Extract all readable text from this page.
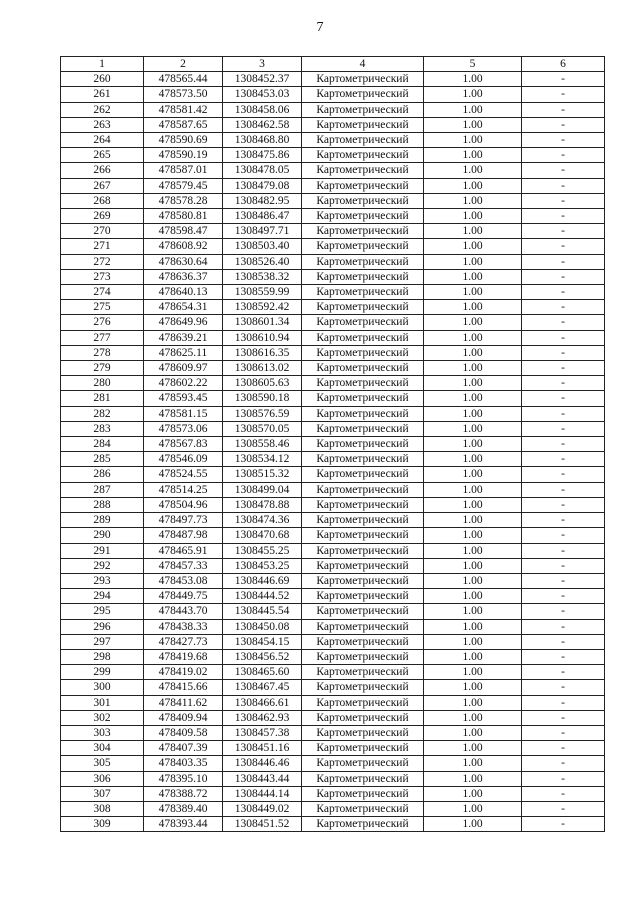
7
1	2	3	4	5	6
260	478565.44	1308452.37	Картометрический	1.00	-
261	478573.50	1308453.03	Картометрический	1.00	-
262	478581.42	1308458.06	Картометрический	1.00	-
263	478587.65	1308462.58	Картометрический	1.00	-
264	478590.69	1308468.80	Картометрический	1.00	-
265	478590.19	1308475.86	Картометрический	1.00	-
266	478587.01	1308478.05	Картометрический	1.00	-
267	478579.45	1308479.08	Картометрический	1.00	-
268	478578.28	1308482.95	Картометрический	1.00	-
269	478580.81	1308486.47	Картометрический	1.00	-
270	478598.47	1308497.71	Картометрический	1.00	-
271	478608.92	1308503.40	Картометрический	1.00	-
272	478630.64	1308526.40	Картометрический	1.00	-
273	478636.37	1308538.32	Картометрический	1.00	-
274	478640.13	1308559.99	Картометрический	1.00	-
275	478654.31	1308592.42	Картометрический	1.00	-
276	478649.96	1308601.34	Картометрический	1.00	-
277	478639.21	1308610.94	Картометрический	1.00	-
278	478625.11	1308616.35	Картометрический	1.00	-
279	478609.97	1308613.02	Картометрический	1.00	-
280	478602.22	1308605.63	Картометрический	1.00	-
281	478593.45	1308590.18	Картометрический	1.00	-
282	478581.15	1308576.59	Картометрический	1.00	-
283	478573.06	1308570.05	Картометрический	1.00	-
284	478567.83	1308558.46	Картометрический	1.00	-
285	478546.09	1308534.12	Картометрический	1.00	-
286	478524.55	1308515.32	Картометрический	1.00	-
287	478514.25	1308499.04	Картометрический	1.00	-
288	478504.96	1308478.88	Картометрический	1.00	-
289	478497.73	1308474.36	Картометрический	1.00	-
290	478487.98	1308470.68	Картометрический	1.00	-
291	478465.91	1308455.25	Картометрический	1.00	-
292	478457.33	1308453.25	Картометрический	1.00	-
293	478453.08	1308446.69	Картометрический	1.00	-
294	478449.75	1308444.52	Картометрический	1.00	-
295	478443.70	1308445.54	Картометрический	1.00	-
296	478438.33	1308450.08	Картометрический	1.00	-
297	478427.73	1308454.15	Картометрический	1.00	-
298	478419.68	1308456.52	Картометрический	1.00	-
299	478419.02	1308465.60	Картометрический	1.00	-
300	478415.66	1308467.45	Картометрический	1.00	-
301	478411.62	1308466.61	Картометрический	1.00	-
302	478409.94	1308462.93	Картометрический	1.00	-
303	478409.58	1308457.38	Картометрический	1.00	-
304	478407.39	1308451.16	Картометрический	1.00	-
305	478403.35	1308446.46	Картометрический	1.00	-
306	478395.10	1308443.44	Картометрический	1.00	-
307	478388.72	1308444.14	Картометрический	1.00	-
308	478389.40	1308449.02	Картометрический	1.00	-
309	478393.44	1308451.52	Картометрический	1.00	-
